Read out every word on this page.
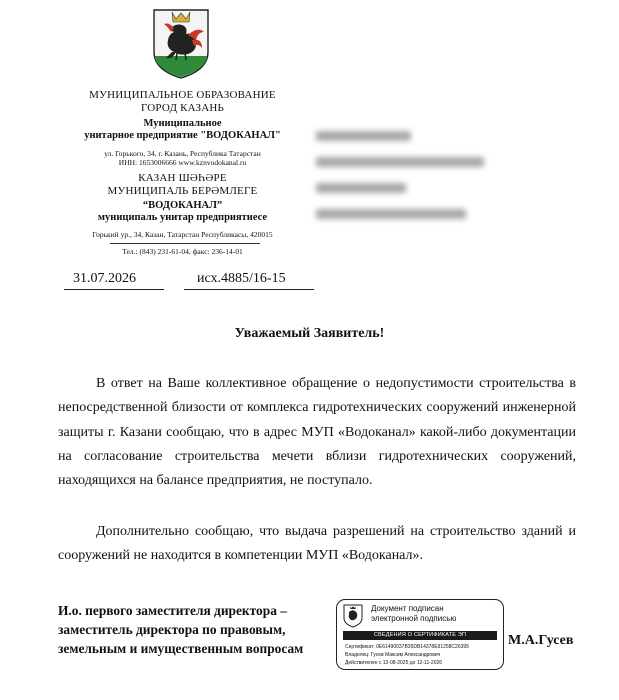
МУНИЦИПАЛЬНОЕ ОБРАЗОВАНИЕ
ГОРОД КАЗАНЬ
Муниципальное
унитарное предприятие "ВОДОКАНАЛ"
ул. Горького, 34, г. Казань, Республика Татарстан
ИНН: 1653006666 www.kznvodokanal.ru
КАЗАН ШӘҺӘРЕ
МУНИЦИПАЛЬ БЕРӘМЛЕГЕ
“ВОДОКАНАЛ”
муниципаль унитар предприятиесе
Горький ур., 34, Казан, Татарстан Республикасы, 420015
Тел.: (843) 231-61-04, факс: 236-14-01
31.07.2026	исх.4885/16-15
Уважаемый Заявитель!
В ответ на Ваше коллективное обращение о недопустимости строительства в непосредственной близости от комплекса гидротехнических сооружений инженерной защиты г. Казани сообщаю, что в адрес МУП «Водоканал» какой-либо документации на согласование строительства мечети вблизи гидротехнических сооружений, находящихся на балансе предприятия, не поступало.
Дополнительно сообщаю, что выдача разрешений на строительство зданий и сооружений не находится в компетенции МУП «Водоканал».
И.о. первого заместителя директора –
заместитель директора по правовым,
земельным и имущественным вопросам
Документ подписан
электронной подписью
СВЕДЕНИЯ О СЕРТИФИКАТЕ ЭП
Сертификат: 0E61490037B35DB14378E91258C26395
Владелец: Гусев Максим Александрович
Действителен с 12-08-2025 до 12-11-2026
М.А.Гусев
